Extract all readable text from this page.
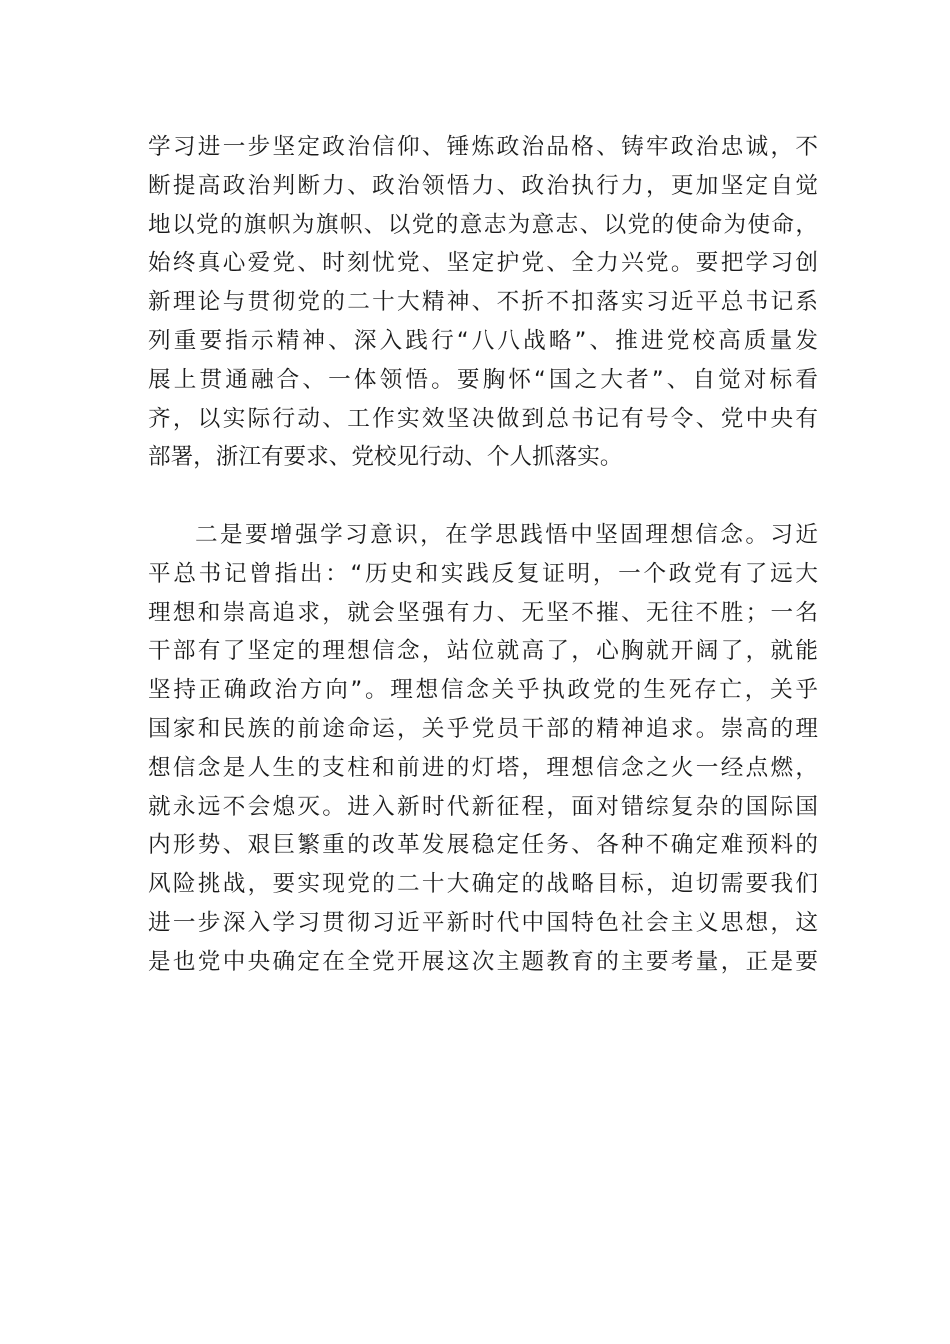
学习进一步坚定政治信仰、锤炼政治品格、铸牢政治忠诚，不
断提高政治判断力、政治领悟力、政治执行力，更加坚定自觉
地以党的旗帜为旗帜、以党的意志为意志、以党的使命为使命，
始终真心爱党、时刻忧党、坚定护党、全力兴党。要把学习创
新理论与贯彻党的二十大精神、不折不扣落实习近平总书记系
列重要指示精神、深入践行“八八战略”、推进党校高质量发
展上贯通融合、一体领悟。要胸怀“国之大者”、自觉对标看
齐，以实际行动、工作实效坚决做到总书记有号令、党中央有
部署，浙江有要求、党校见行动、个人抓落实。
二是要增强学习意识，在学思践悟中坚固理想信念。习近
平总书记曾指出：“历史和实践反复证明，一个政党有了远大
理想和崇高追求，就会坚强有力、无坚不摧、无往不胜；一名
干部有了坚定的理想信念，站位就高了，心胸就开阔了，就能
坚持正确政治方向”。理想信念关乎执政党的生死存亡，关乎
国家和民族的前途命运，关乎党员干部的精神追求。崇高的理
想信念是人生的支柱和前进的灯塔，理想信念之火一经点燃，
就永远不会熄灭。进入新时代新征程，面对错综复杂的国际国
内形势、艰巨繁重的改革发展稳定任务、各种不确定难预料的
风险挑战，要实现党的二十大确定的战略目标，迫切需要我们
进一步深入学习贯彻习近平新时代中国特色社会主义思想，这
是也党中央确定在全党开展这次主题教育的主要考量，正是要
